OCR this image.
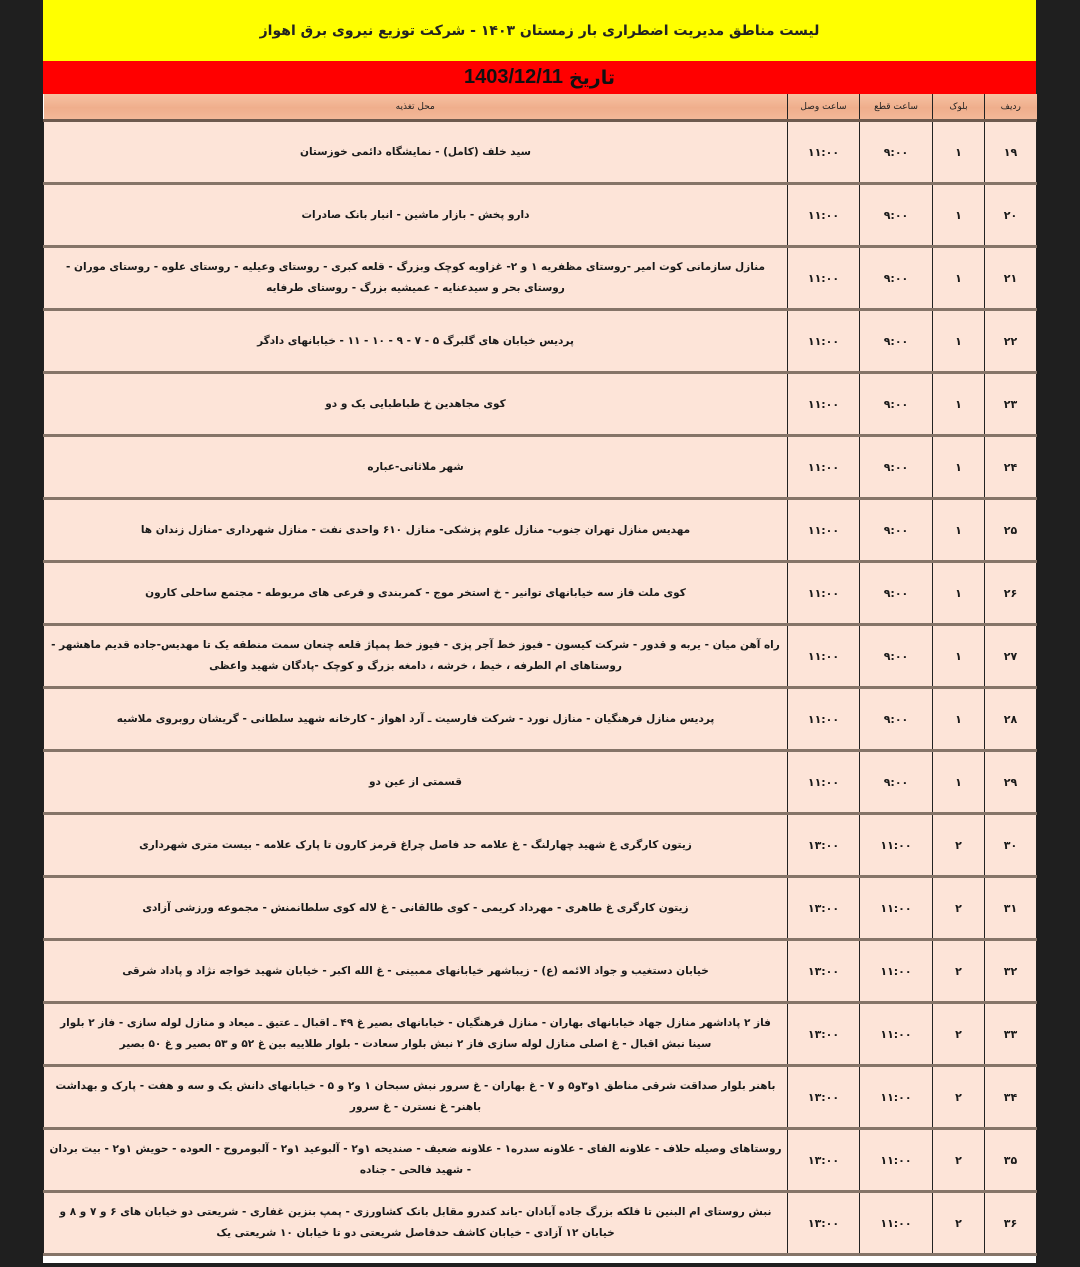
لیست مناطق مدیریت اضطراری بار زمستان ۱۴۰۳ - شرکت توزیع نیروی برق اهواز
تاریخ
1403/12/11
ردیف	بلوک	ساعت قطع	ساعت وصل	محل تغذیه
۱۹	۱	۹:۰۰	۱۱:۰۰	سید خلف (کامل) - نمایشگاه دائمی خوزستان
۲۰	۱	۹:۰۰	۱۱:۰۰	دارو پخش - بازار ماشین - انبار بانک صادرات
۲۱	۱	۹:۰۰	۱۱:۰۰	منازل سازمانی کوت امیر -روستای مظفریه ۱ و ۲- غزاویه کوچک وبزرگ - قلعه کبری - روستای وعیلیه - روستای علوه - روستای موران - روستای بحر و سیدعنایه - عمیشیه بزرگ - روستای طرفایه
۲۲	۱	۹:۰۰	۱۱:۰۰	پردیس خیابان های گلبرگ ۵ - ۷ - ۹ - ۱۰ - ۱۱ - خیابانهای دادگر
۲۳	۱	۹:۰۰	۱۱:۰۰	کوی مجاهدین خ طباطبایی یک و دو
۲۴	۱	۹:۰۰	۱۱:۰۰	شهر ملاثانی-عباره
۲۵	۱	۹:۰۰	۱۱:۰۰	مهدیس منازل تهران جنوب- منازل علوم پزشکی- منازل ۶۱۰ واحدی نفت - منازل شهرداری -منازل زندان ها
۲۶	۱	۹:۰۰	۱۱:۰۰	کوی ملت فاز سه خیابانهای توانیر - خ استخر موج - کمربندی و فرعی های مربوطه - مجتمع ساحلی کارون
۲۷	۱	۹:۰۰	۱۱:۰۰	راه آهن میان - یربه و قدور - شرکت کیسون - فیوز خط آجر پزی - فیوز خط پمپاژ قلعه چنعان سمت منطقه یک تا مهدیس-جاده قدیم ماهشهر - روستاهای ام الطرفه ، خیط ، خرشه ، دامغه بزرگ و کوچک -پادگان شهید واعظی
۲۸	۱	۹:۰۰	۱۱:۰۰	پردیس منازل فرهنگیان - منازل نورد - شرکت فارسیت ـ آرد اهواز - کارخانه شهید سلطانی - گریشان روبروی ملاشیه
۲۹	۱	۹:۰۰	۱۱:۰۰	قسمتی از عین دو
۳۰	۲	۱۱:۰۰	۱۳:۰۰	زیتون کارگری غ شهید چهارلنگ - غ علامه حد فاصل چراغ قرمز کارون تا پارک علامه - بیست متری شهرداری
۳۱	۲	۱۱:۰۰	۱۳:۰۰	زیتون کارگری غ طاهری - مهرداد کریمی - کوی طالقانی - غ لاله کوی سلطانمنش - مجموعه ورزشی آزادی
۳۲	۲	۱۱:۰۰	۱۳:۰۰	خیابان دستغیب و جواد الائمه (ع) - زیباشهر خیابانهای ممبینی - غ الله اکبر - خیابان شهید خواجه نژاد و پاداد شرقی
۳۳	۲	۱۱:۰۰	۱۳:۰۰	فاز ۲ پاداشهر منازل جهاد خیابانهای بهاران - منازل فرهنگیان - خیابانهای بصیر غ ۴۹ ـ اقبال ـ عتیق ـ میعاد و منازل لوله سازی - فاز ۲ بلوار سینا نبش اقبال - غ اصلی منازل لوله سازی فاز ۲ نبش بلوار سعادت - بلوار طلاییه بین غ ۵۲ و ۵۳ بصیر و غ ۵۰ بصیر
۳۴	۲	۱۱:۰۰	۱۳:۰۰	باهنر بلوار صداقت شرقی مناطق ۱و۳و۵ و ۷ - غ بهاران - غ سرور نبش سبحان ۱ و۲ و ۵ - خیابانهای دانش یک و سه و هفت - پارک و بهداشت باهنر- غ نسترن - غ سرور
۳۵	۲	۱۱:۰۰	۱۳:۰۰	روستاهای وصیله حلاف - علاونه الفای - علاونه سدره۱ - علاونه ضعیف - صندیحه ۱و۲ - آلبوعید ۱و۲ - آلبومروح - العوده - حویش ۱و۲ - بیت بردان - شهید فالحی - جناده
۳۶	۲	۱۱:۰۰	۱۳:۰۰	نبش روستای ام البنین تا فلکه بزرگ جاده آبادان -باند کندرو مقابل بانک کشاورزی - پمپ بنزین غفاری - شریعتی دو خیابان های ۶ و ۷ و ۸ و خیابان ۱۲ آزادی - خیابان کاشف حدفاصل شریعتی دو تا خیابان ۱۰ شریعتی یک
